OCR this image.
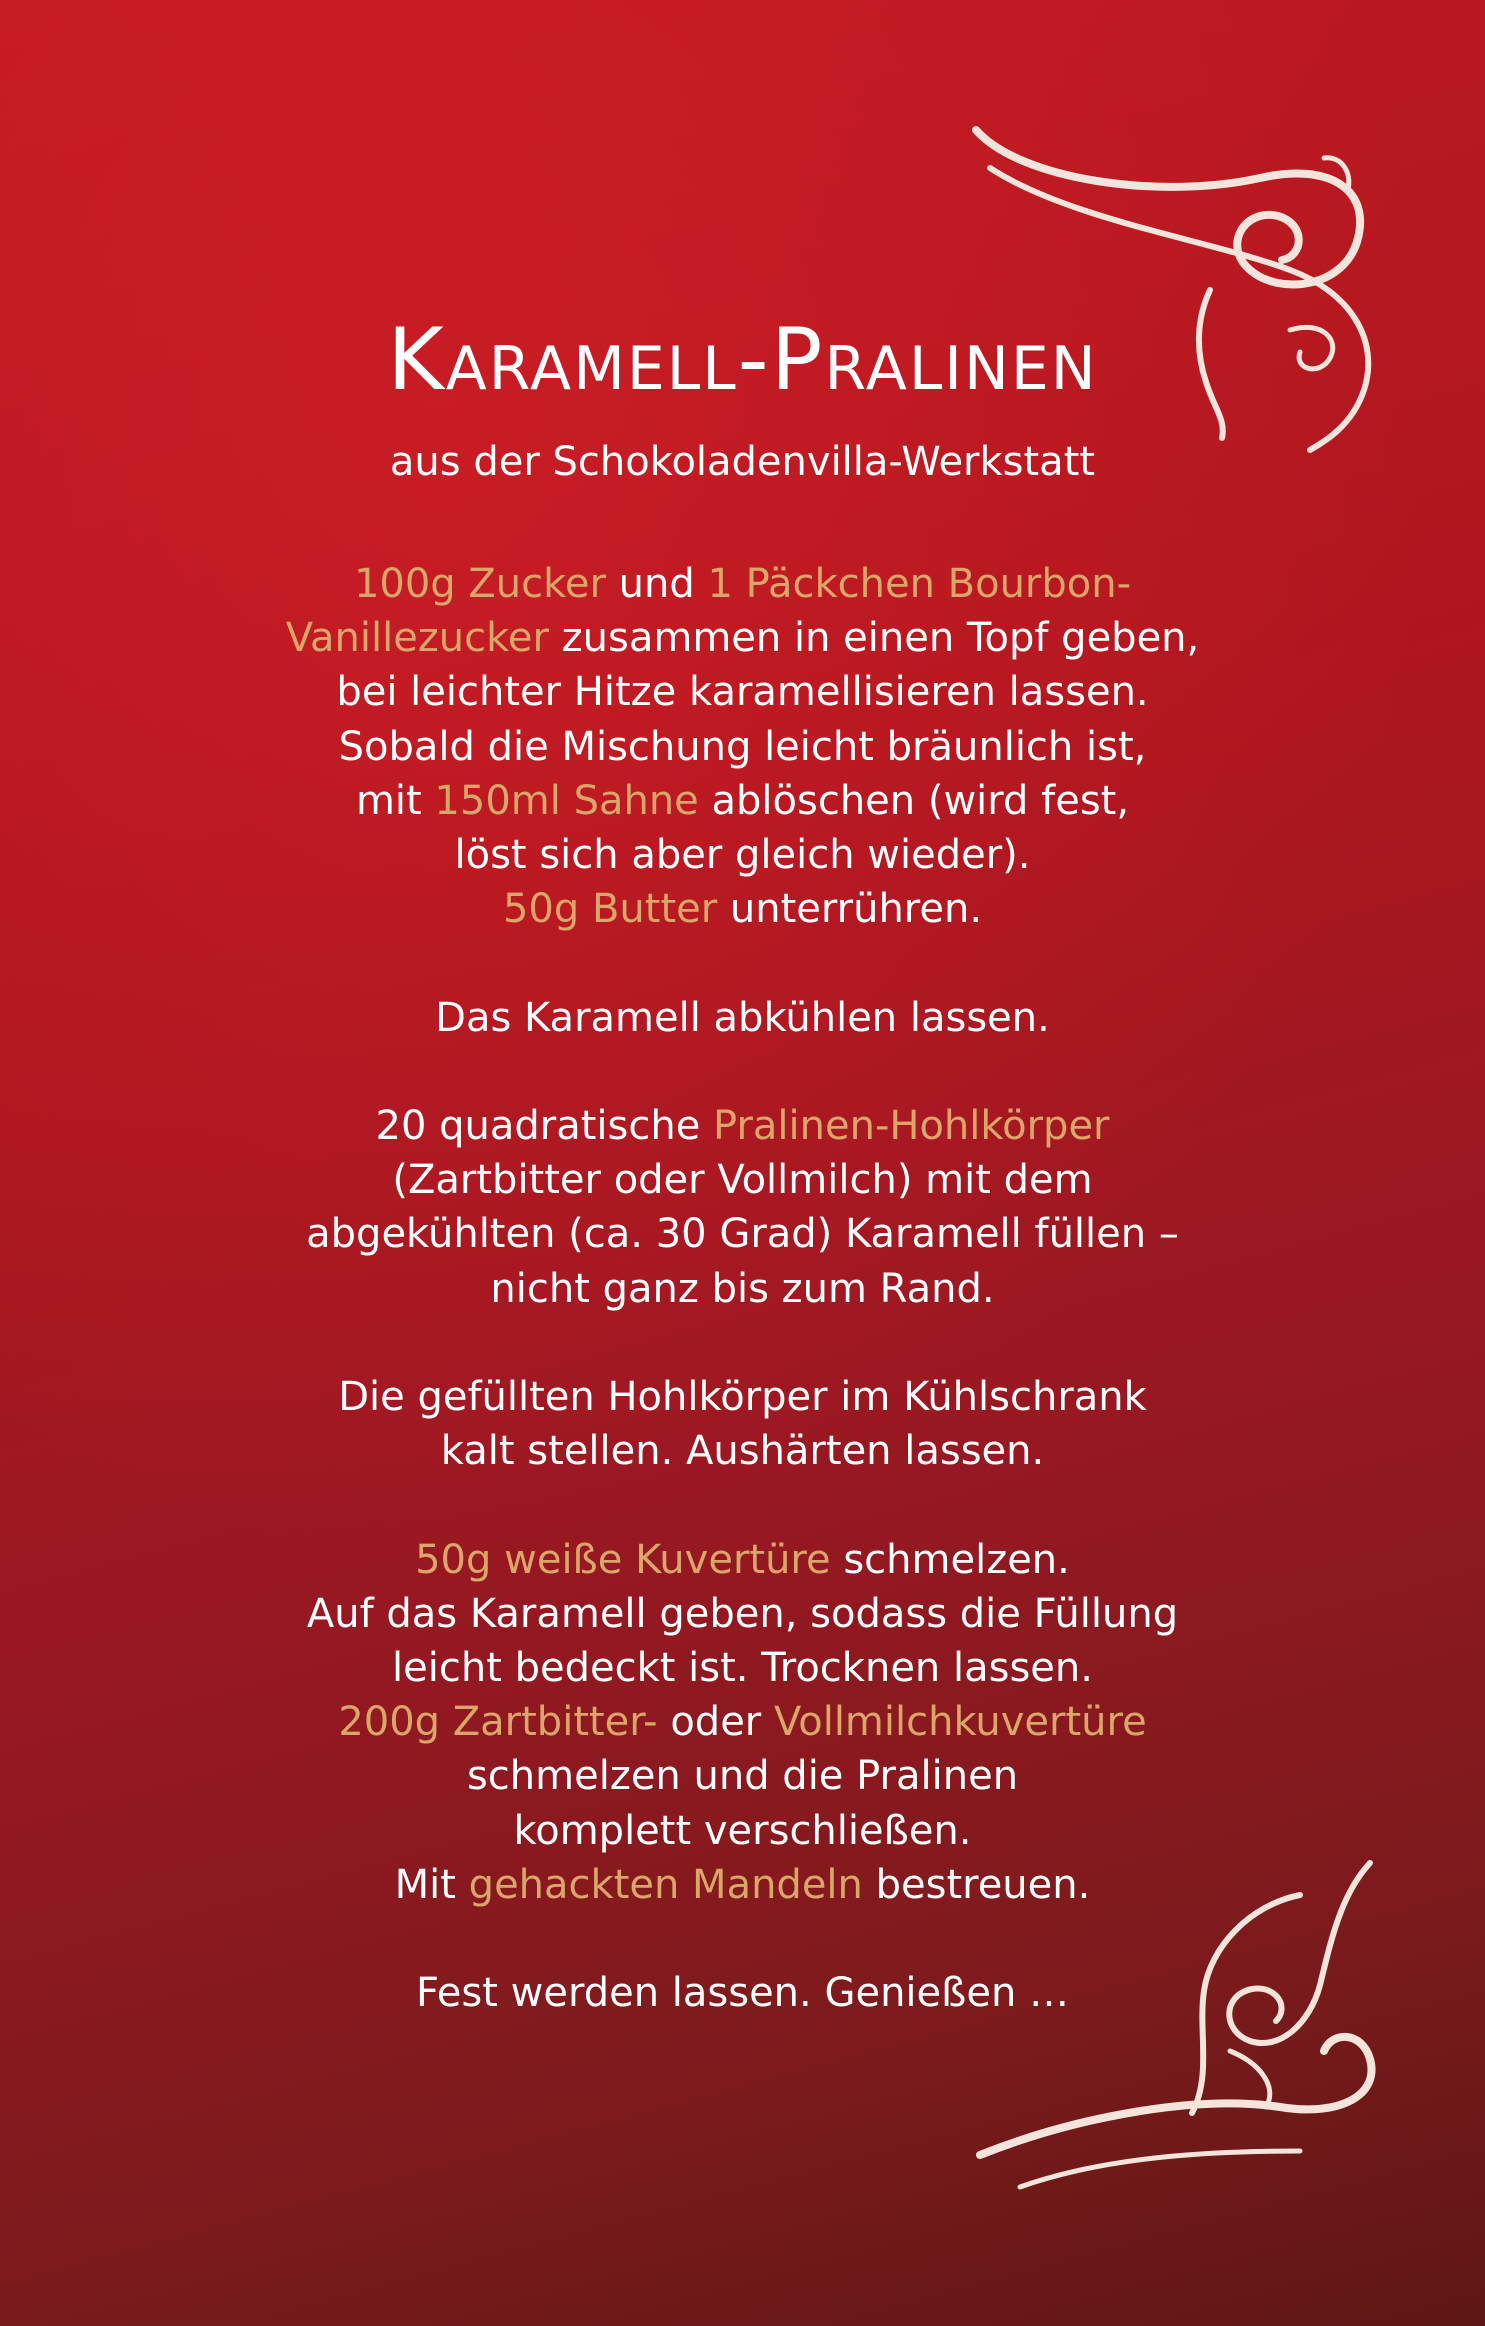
Karamell-Pralinen

aus der Schokoladenvilla-Werkstatt

100g Zucker und 1 Päckchen Bourbon-
Vanillezucker zusammen in einen Topf geben,
bei leichter Hitze karamellisieren lassen.
Sobald die Mischung leicht bräunlich ist,
mit 150ml Sahne ablöschen (wird fest,
löst sich aber gleich wieder).
50g Butter unterrühren.
Das Karamell abkühlen lassen.
20 quadratische Pralinen-Hohlkörper
(Zartbitter oder Vollmilch) mit dem
abgekühlten (ca. 30 Grad) Karamell füllen –
nicht ganz bis zum Rand.
Die gefüllten Hohlkörper im Kühlschrank
kalt stellen. Aushärten lassen.
50g weiße Kuvertüre schmelzen.
Auf das Karamell geben, sodass die Füllung
leicht bedeckt ist. Trocknen lassen.
200g Zartbitter- oder Vollmilchkuvertüre
schmelzen und die Pralinen
komplett verschließen.
Mit gehackten Mandeln bestreuen.
Fest werden lassen. Genießen …
